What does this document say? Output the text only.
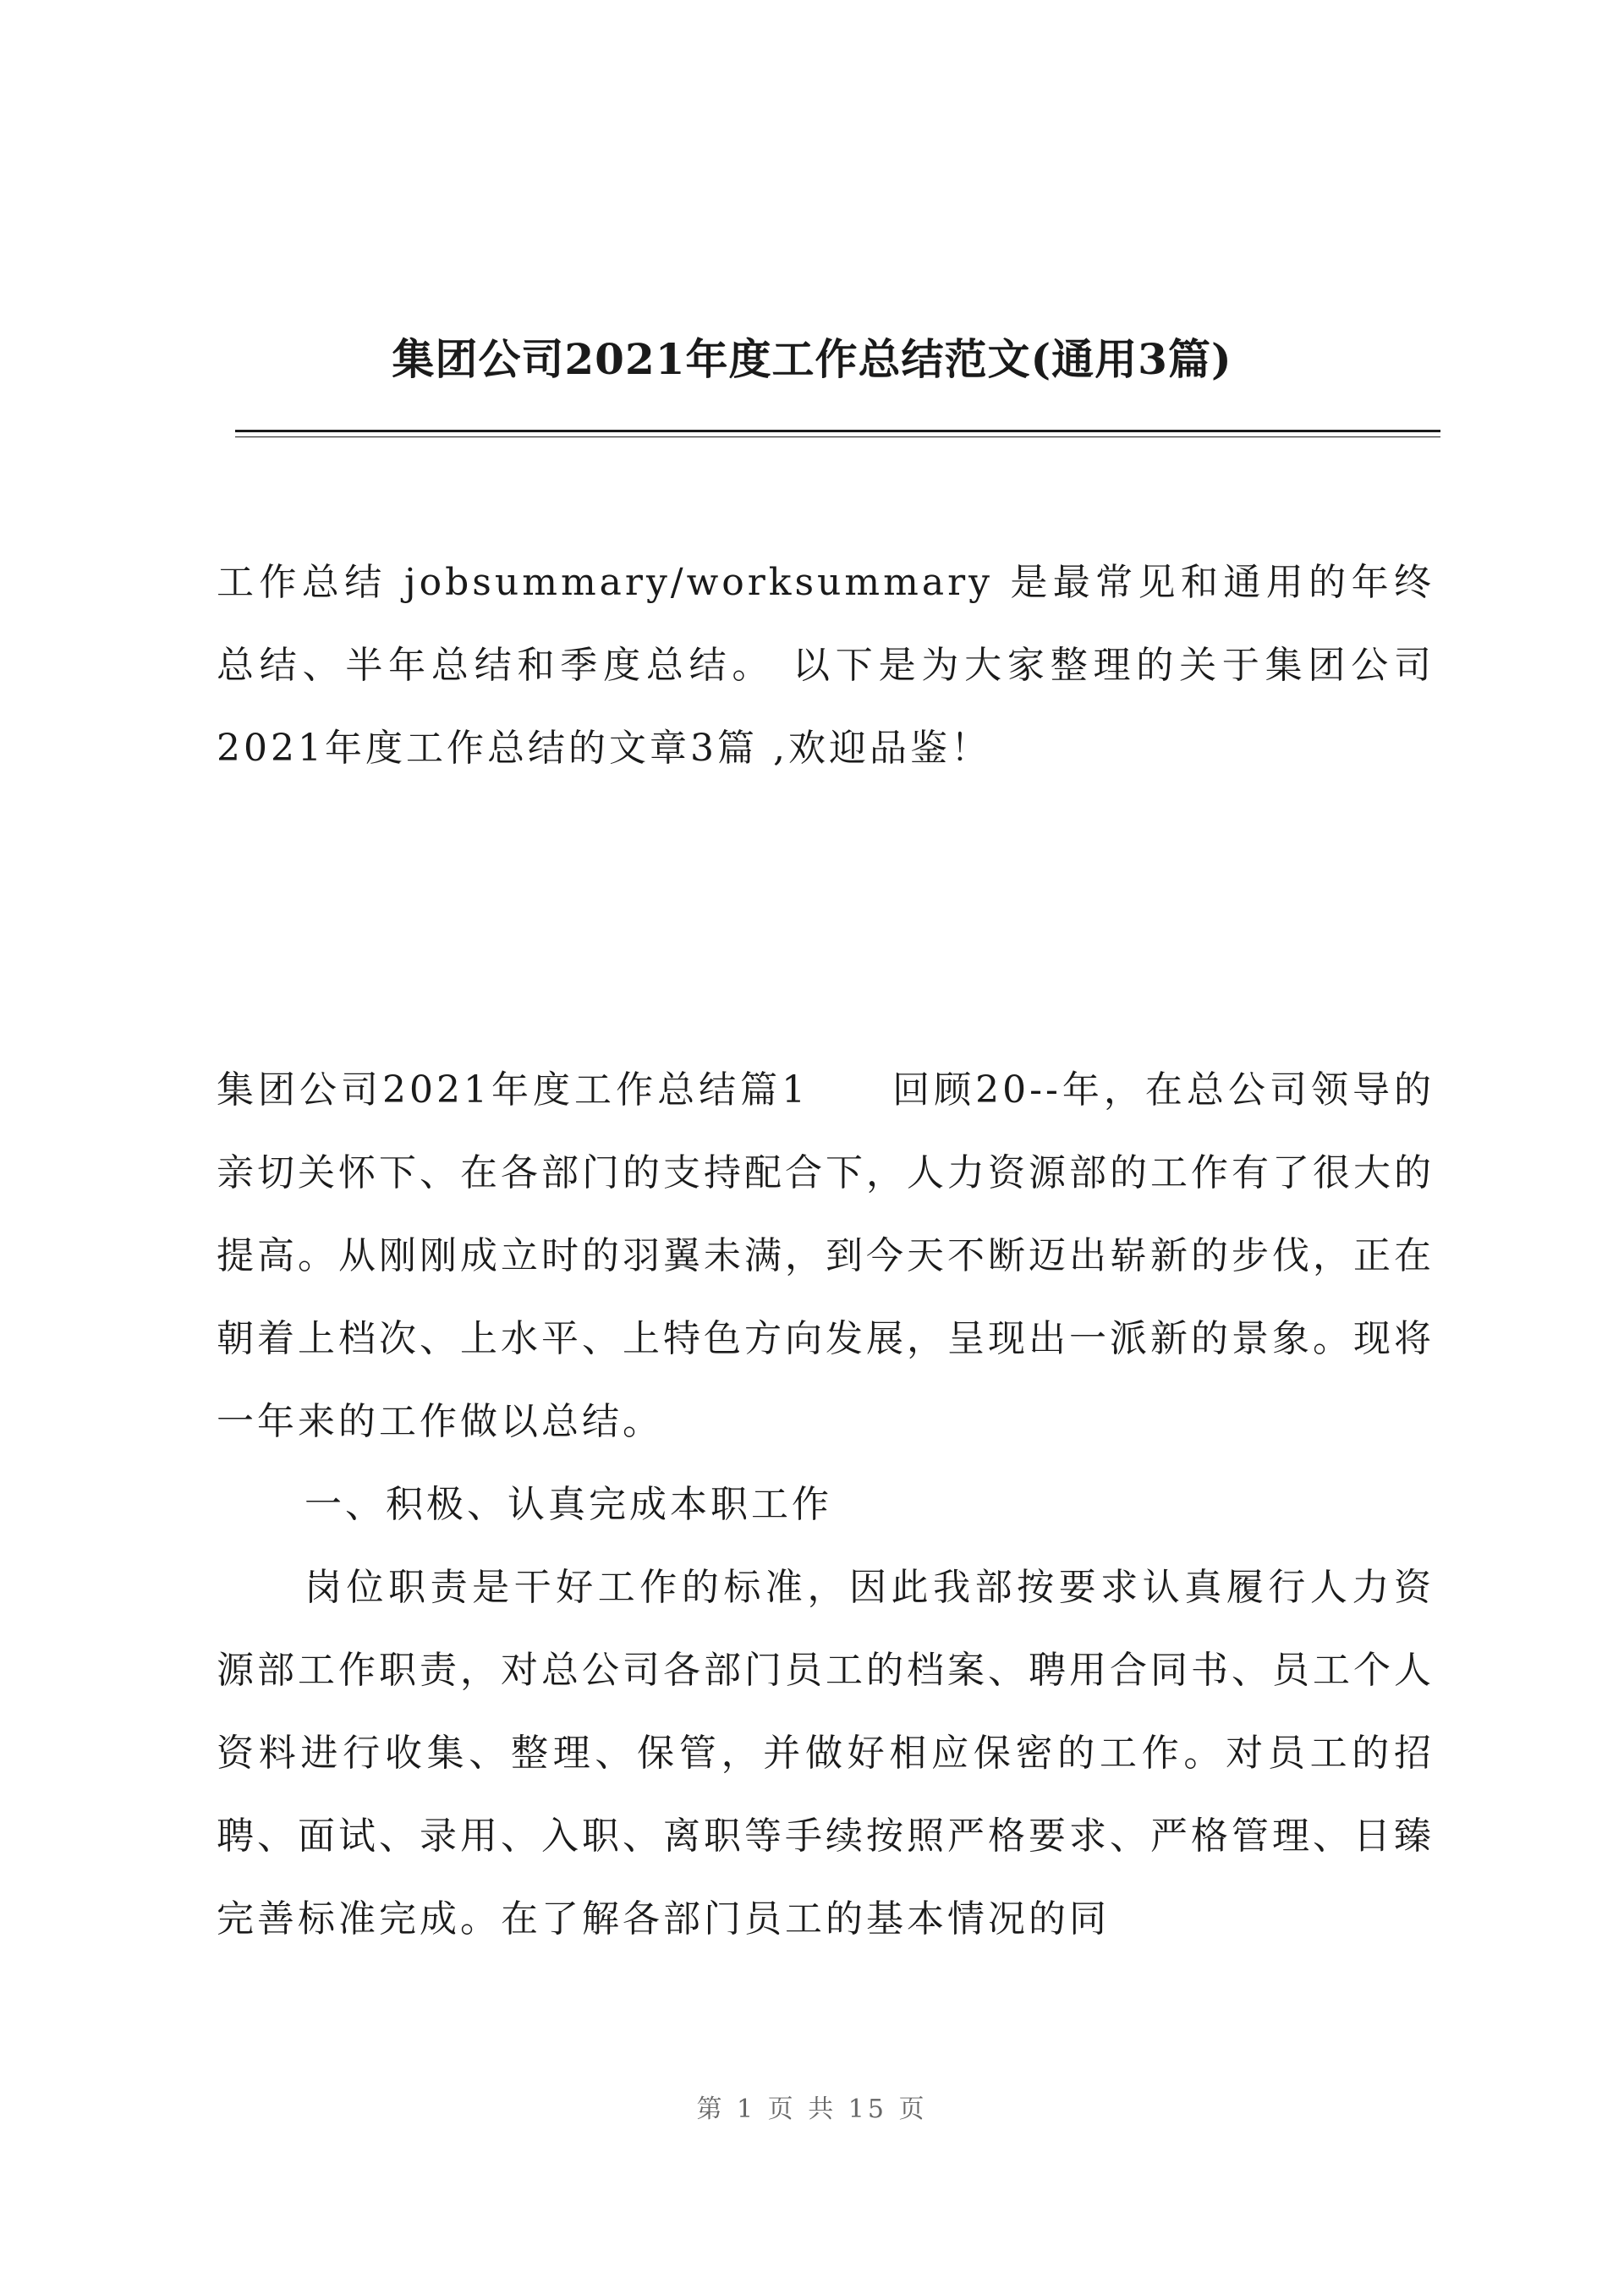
集团公司2021年度工作总结范文(通用3篇)
工作总结 jobsummary/worksummary 是最常见和通用的年终总结、半年总结和季度总结。 以下是为大家整理的关于集团公司2021年度工作总结的文章3篇 ,欢迎品鉴！
集团公司2021年度工作总结篇1　　回顾20--年，在总公司领导的亲切关怀下、在各部门的支持配合下，人力资源部的工作有了很大的提高。从刚刚成立时的羽翼未满，到今天不断迈出崭新的步伐，正在朝着上档次、上水平、上特色方向发展，呈现出一派新的景象。现将一年来的工作做以总结。
一、积极、认真完成本职工作
岗位职责是干好工作的标准，因此我部按要求认真履行人力资源部工作职责，对总公司各部门员工的档案、聘用合同书、员工个人资料进行收集、整理、保管，并做好相应保密的工作。对员工的招聘、面试、录用、入职、离职等手续按照严格要求、严格管理、日臻完善标准完成。在了解各部门员工的基本情况的同
第 1 页 共 15 页
